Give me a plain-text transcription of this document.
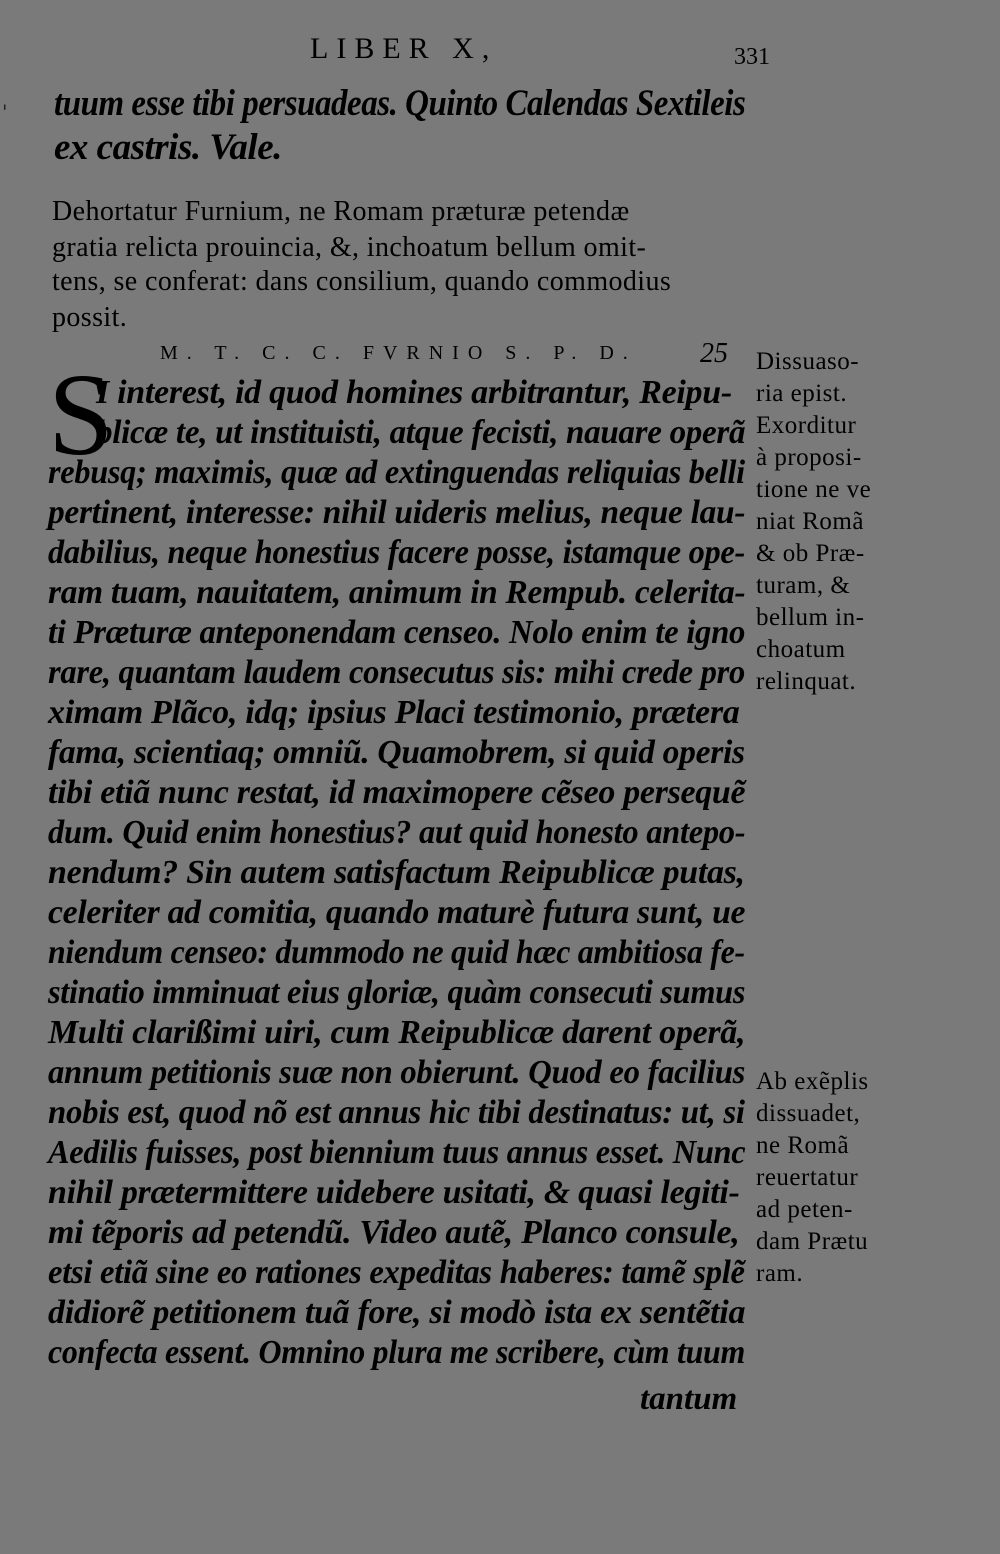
LIBER X,	331
' tuum esse tibi persuadeas. Quinto Calendas Sextileis
ex castris. Vale.
Dehortatur Furnium, ne Romam præturæ petendæ
gratia relicta prouincia, &, inchoatum bellum omit-
tens, se conferat: dans consilium, quando commodius
possit.
M. T. C. C. FVRNIO S. P. D.	25
S
I interest, id quod homines arbitrantur, Reipu-
blicæ te, ut instituisti, atque fecisti, nauare operã
rebusq; maximis, quæ ad extinguendas reliquias belli
pertinent, interesse: nihil uideris melius, neque lau-
dabilius, neque honestius facere posse, istamque ope-
ram tuam, nauitatem, animum in Rempub. celerita-
ti Præturæ anteponendam censeo. Nolo enim te igno
rare, quantam laudem consecutus sis: mihi crede pro
ximam Plãco, idq; ipsius Placi testimonio, prætera
fama, scientiaq; omniũ. Quamobrem, si quid operis
tibi etiã nunc restat, id maximopere cẽseo persequẽ
dum. Quid enim honestius? aut quid honesto antepo-
nendum? Sin autem satisfactum Reipublicæ putas,
celeriter ad comitia, quando maturè futura sunt, ue
niendum censeo: dummodo ne quid hæc ambitiosa fe-
stinatio imminuat eius gloriæ, quàm consecuti sumus
Multi clarißimi uiri, cum Reipublicæ darent operã,
annum petitionis suæ non obierunt. Quod eo facilius
nobis est, quod nõ est annus hic tibi destinatus: ut, si
Aedilis fuisses, post biennium tuus annus esset. Nunc
nihil prætermittere uidebere usitati, & quasi legiti-
mi tẽporis ad petendũ. Video autẽ, Planco consule,
etsi etiã sine eo rationes expeditas haberes: tamẽ splẽ
didiorẽ petitionem tuã fore, si modò ista ex sentẽtia
confecta essent. Omnino plura me scribere, cùm tuum
tantum
Dissuaso-
ria epist.
Exorditur
à proposi-
tione ne ve
niat Romã
& ob Præ-
turam, &
bellum in-
choatum
relinquat.
Ab exẽplis
dissuadet,
ne Romã
reuertatur
ad peten-
dam Prætu
ram.
